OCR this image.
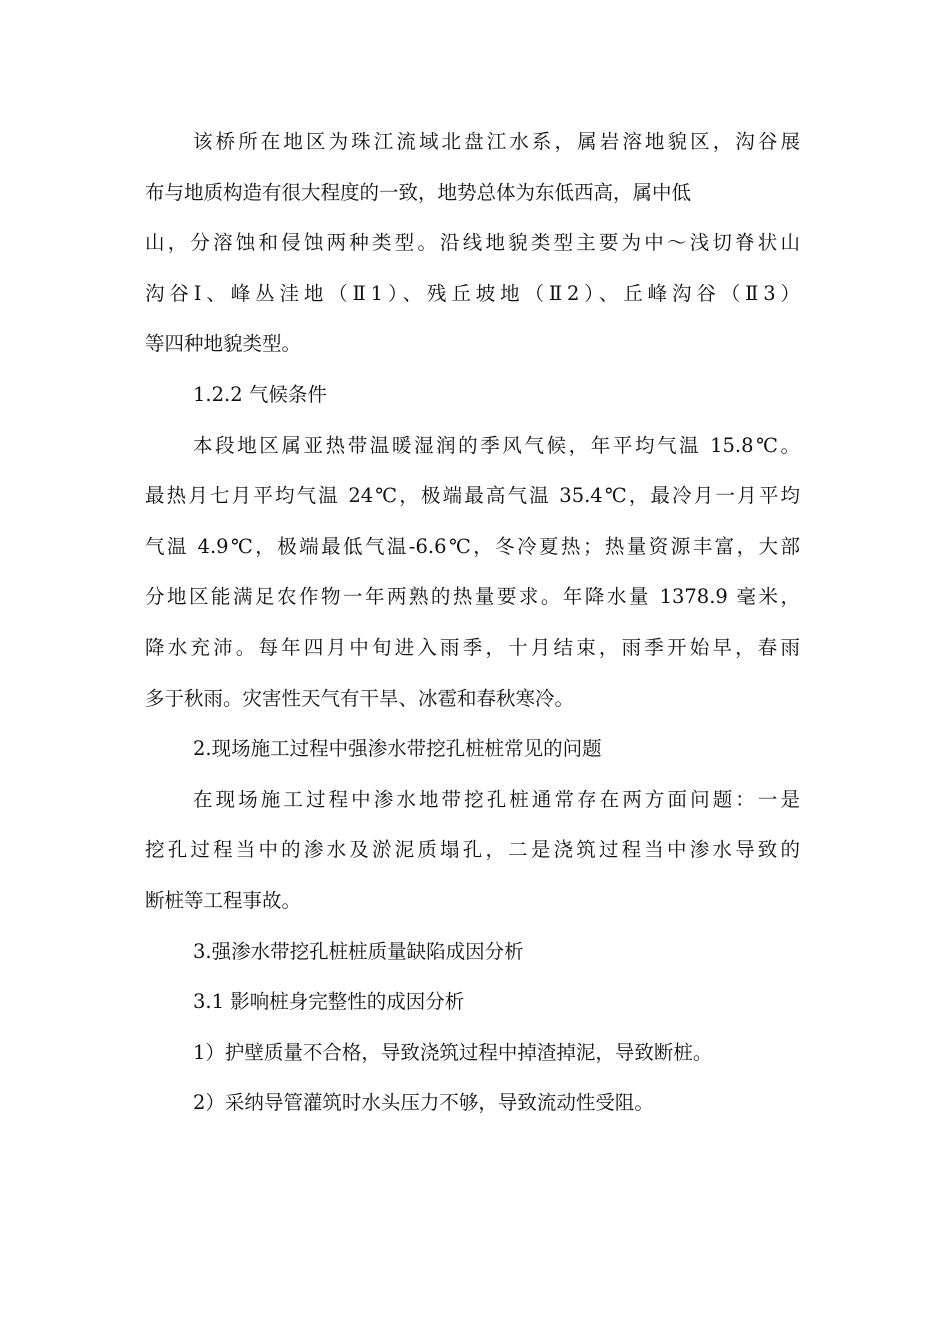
该桥所在地区为珠江流域北盘江水系，属岩溶地貌区，沟谷展
布与地质构造有很大程度的一致，地势总体为东低西高，属中低
山，分溶蚀和侵蚀两种类型。沿线地貌类型主要为中～浅切脊状山
沟谷Ⅰ、峰丛洼地（Ⅱ1）、残丘坡地（Ⅱ2）、丘峰沟谷（Ⅱ3）
等四种地貌类型。
1.2.2 气候条件
本段地区属亚热带温暖湿润的季风气候，年平均气温 15.8℃。
最热月七月平均气温 24℃，极端最高气温 35.4℃，最冷月一月平均
气温 4.9℃，极端最低气温-6.6℃，冬冷夏热；热量资源丰富，大部
分地区能满足农作物一年两熟的热量要求。年降水量 1378.9 毫米，
降水充沛。每年四月中旬进入雨季，十月结束，雨季开始早，春雨
多于秋雨。灾害性天气有干旱、冰雹和春秋寒冷。
2.现场施工过程中强渗水带挖孔桩桩常见的问题
在现场施工过程中渗水地带挖孔桩通常存在两方面问题：一是
挖孔过程当中的渗水及淤泥质塌孔，二是浇筑过程当中渗水导致的
断桩等工程事故。
3.强渗水带挖孔桩桩质量缺陷成因分析
3.1 影响桩身完整性的成因分析
1）护壁质量不合格，导致浇筑过程中掉渣掉泥，导致断桩。
2）采纳导管灌筑时水头压力不够，导致流动性受阻。
